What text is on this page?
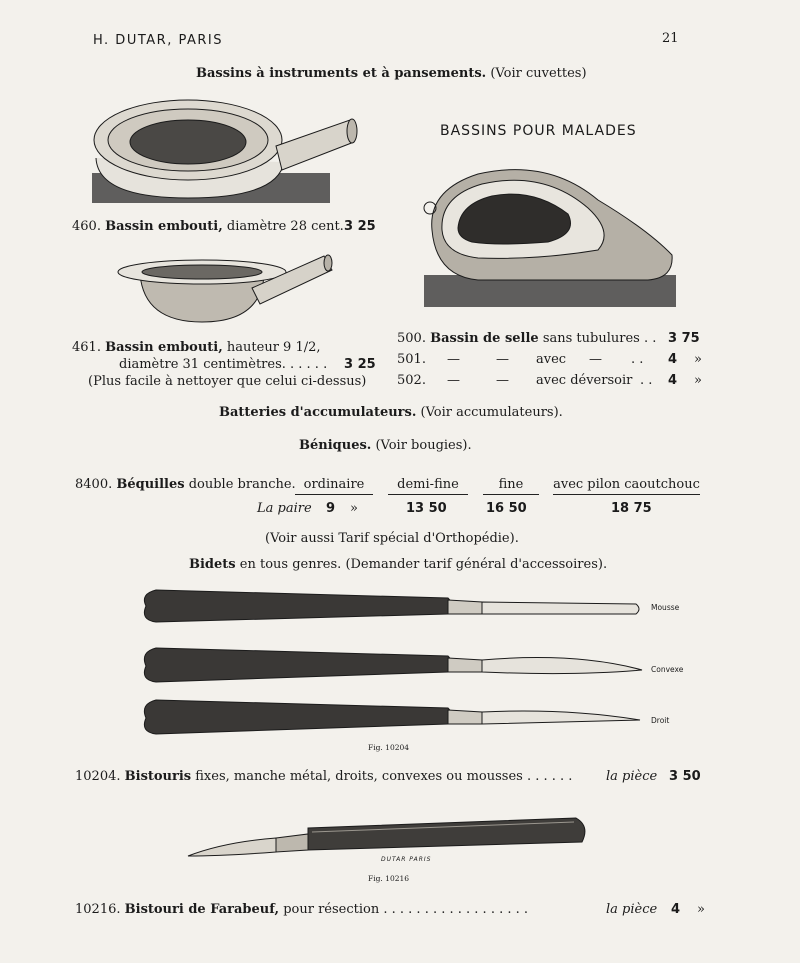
H. DUTAR, PARIS	21
Bassins à instruments et à pansements. (Voir cuvettes)
BASSINS POUR MALADES
460. Bassin embouti, diamètre 28 cent. 3 25
461. Bassin embouti, hauteur 9 1/2,
diamètre 31 centimètres. . . . . . 3 25
(Plus facile à nettoyer que celui ci-dessus)
500. Bassin de selle sans tubulures . . 3 75
501. —	— avec — . . 4 »
502. —	— avec déversoir . . 4 »
Batteries d'accumulateurs. (Voir accumulateurs).
Béniques. (Voir bougies).
8400. Béquilles double branche. ordinaire	demi-fine	fine	avec pilon caoutchouc
La paire 9 »	13 50	16 50	18 75
(Voir aussi Tarif spécial d'Orthopédie).
Bidets en tous genres. (Demander tarif général d'accessoires).
Mousse
Convexe
Droit
Fig. 10204
10204. Bistouris fixes, manche métal, droits, convexes ou mousses . . . . . .	la pièce 3 50
DUTAR PARIS
Fig. 10216
10216. Bistouri de Farabeuf, pour résection . . . . . . . . . . . . . . . . . .	la pièce 4 »
